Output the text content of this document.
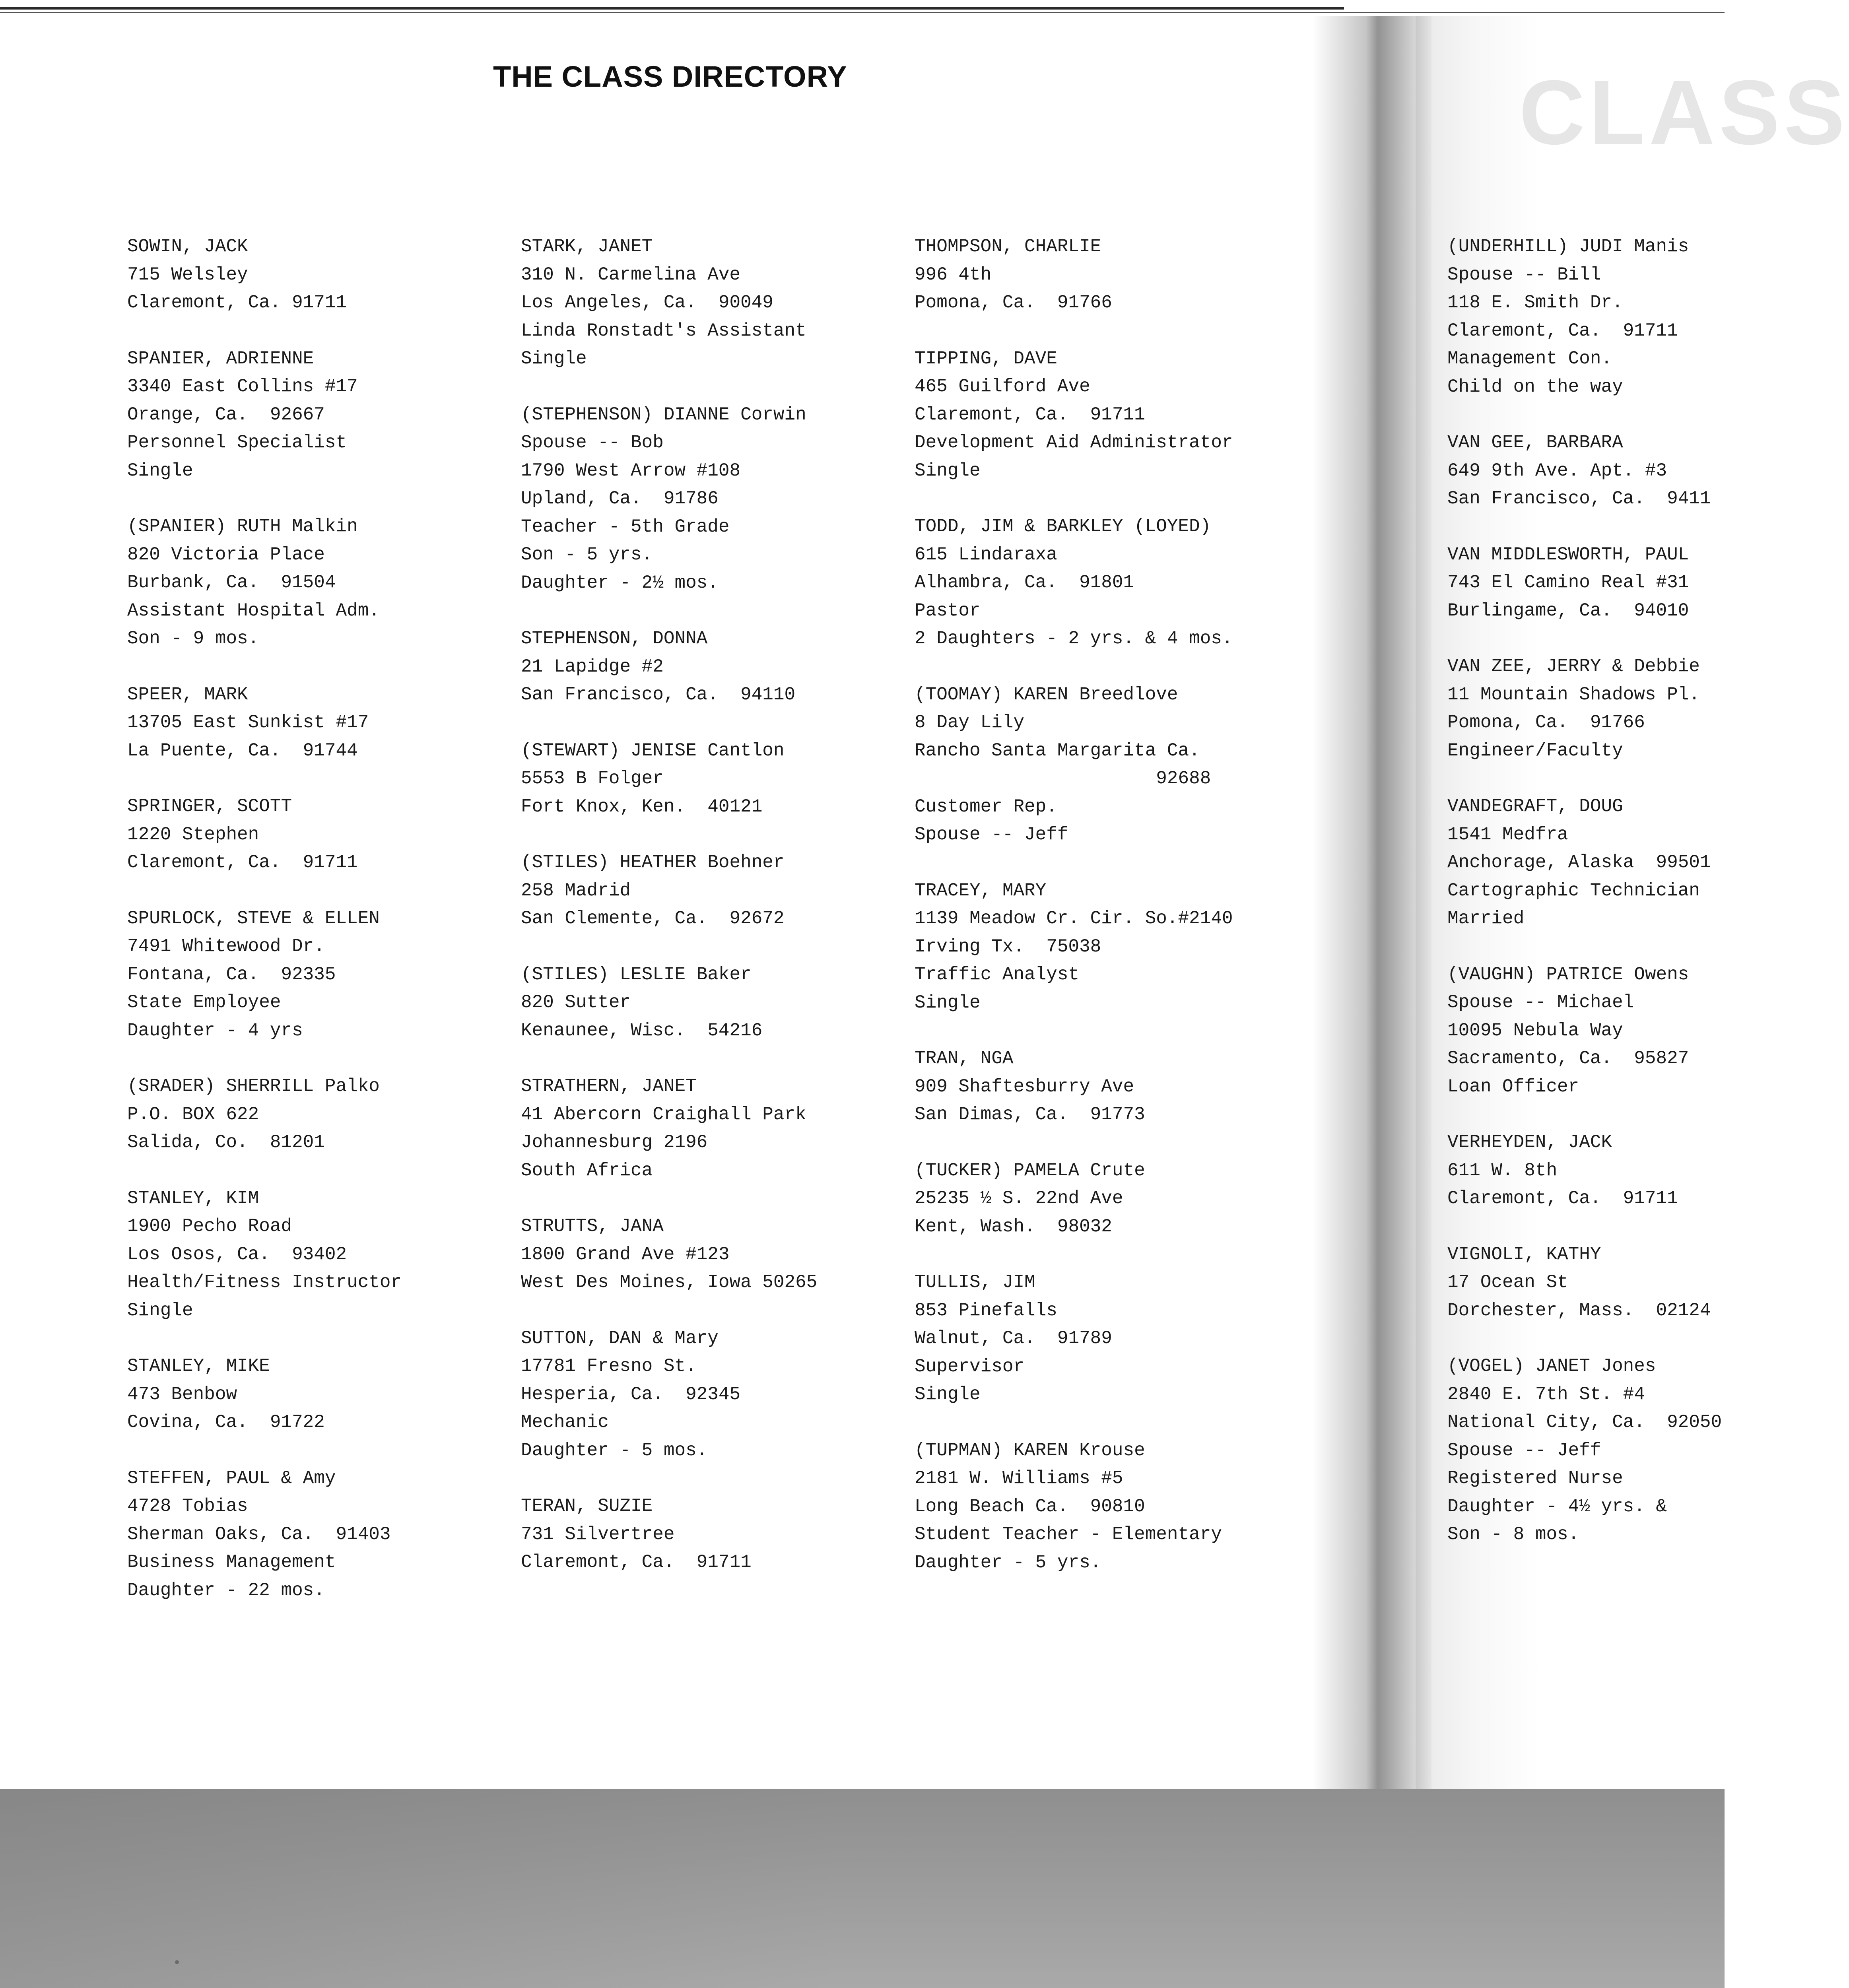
CLASS
THE CLASS DIRECTORY
SOWIN, JACK
715 Welsley
Claremont, Ca. 91711
SPANIER, ADRIENNE
3340 East Collins #17
Orange, Ca.  92667
Personnel Specialist
Single
(SPANIER) RUTH Malkin
820 Victoria Place
Burbank, Ca.  91504
Assistant Hospital Adm.
Son - 9 mos.
SPEER, MARK
13705 East Sunkist #17
La Puente, Ca.  91744
SPRINGER, SCOTT
1220 Stephen
Claremont, Ca.  91711
SPURLOCK, STEVE & ELLEN
7491 Whitewood Dr.
Fontana, Ca.  92335
State Employee
Daughter - 4 yrs
(SRADER) SHERRILL Palko
P.O. BOX 622
Salida, Co.  81201
STANLEY, KIM
1900 Pecho Road
Los Osos, Ca.  93402
Health/Fitness Instructor
Single
STANLEY, MIKE
473 Benbow
Covina, Ca.  91722
STEFFEN, PAUL & Amy
4728 Tobias
Sherman Oaks, Ca.  91403
Business Management
Daughter - 22 mos.
STARK, JANET
310 N. Carmelina Ave
Los Angeles, Ca.  90049
Linda Ronstadt's Assistant
Single
(STEPHENSON) DIANNE Corwin
Spouse -- Bob
1790 West Arrow #108
Upland, Ca.  91786
Teacher - 5th Grade
Son - 5 yrs.
Daughter - 2½ mos.
STEPHENSON, DONNA
21 Lapidge #2
San Francisco, Ca.  94110
(STEWART) JENISE Cantlon
5553 B Folger
Fort Knox, Ken.  40121
(STILES) HEATHER Boehner
258 Madrid
San Clemente, Ca.  92672
(STILES) LESLIE Baker
820 Sutter
Kenaunee, Wisc.  54216
STRATHERN, JANET
41 Abercorn Craighall Park
Johannesburg 2196
South Africa
STRUTTS, JANA
1800 Grand Ave #123
West Des Moines, Iowa 50265
SUTTON, DAN & Mary
17781 Fresno St.
Hesperia, Ca.  92345
Mechanic
Daughter - 5 mos.
TERAN, SUZIE
731 Silvertree
Claremont, Ca.  91711
THOMPSON, CHARLIE
996 4th
Pomona, Ca.  91766
TIPPING, DAVE
465 Guilford Ave
Claremont, Ca.  91711
Development Aid Administrator
Single
TODD, JIM & BARKLEY (LOYED)
615 Lindaraxa
Alhambra, Ca.  91801
Pastor
2 Daughters - 2 yrs. & 4 mos.
(TOOMAY) KAREN Breedlove
8 Day Lily
Rancho Santa Margarita Ca.
92688
Customer Rep.
Spouse -- Jeff
TRACEY, MARY
1139 Meadow Cr. Cir. So.#2140
Irving Tx.  75038
Traffic Analyst
Single
TRAN, NGA
909 Shaftesburry Ave
San Dimas, Ca.  91773
(TUCKER) PAMELA Crute
25235 ½ S. 22nd Ave
Kent, Wash.  98032
TULLIS, JIM
853 Pinefalls
Walnut, Ca.  91789
Supervisor
Single
(TUPMAN) KAREN Krouse
2181 W. Williams #5
Long Beach Ca.  90810
Student Teacher - Elementary
Daughter - 5 yrs.
(UNDERHILL) JUDI Manis
Spouse -- Bill
118 E. Smith Dr.
Claremont, Ca.  91711
Management Con.
Child on the way
VAN GEE, BARBARA
649 9th Ave. Apt. #3
San Francisco, Ca.  9411
VAN MIDDLESWORTH, PAUL
743 El Camino Real #31
Burlingame, Ca.  94010
VAN ZEE, JERRY & Debbie
11 Mountain Shadows Pl.
Pomona, Ca.  91766
Engineer/Faculty
VANDEGRAFT, DOUG
1541 Medfra
Anchorage, Alaska  99501
Cartographic Technician
Married
(VAUGHN) PATRICE Owens
Spouse -- Michael
10095 Nebula Way
Sacramento, Ca.  95827
Loan Officer
VERHEYDEN, JACK
611 W. 8th
Claremont, Ca.  91711
VIGNOLI, KATHY
17 Ocean St
Dorchester, Mass.  02124
(VOGEL) JANET Jones
2840 E. 7th St. #4
National City, Ca.  92050
Spouse -- Jeff
Registered Nurse
Daughter - 4½ yrs. &
Son - 8 mos.
